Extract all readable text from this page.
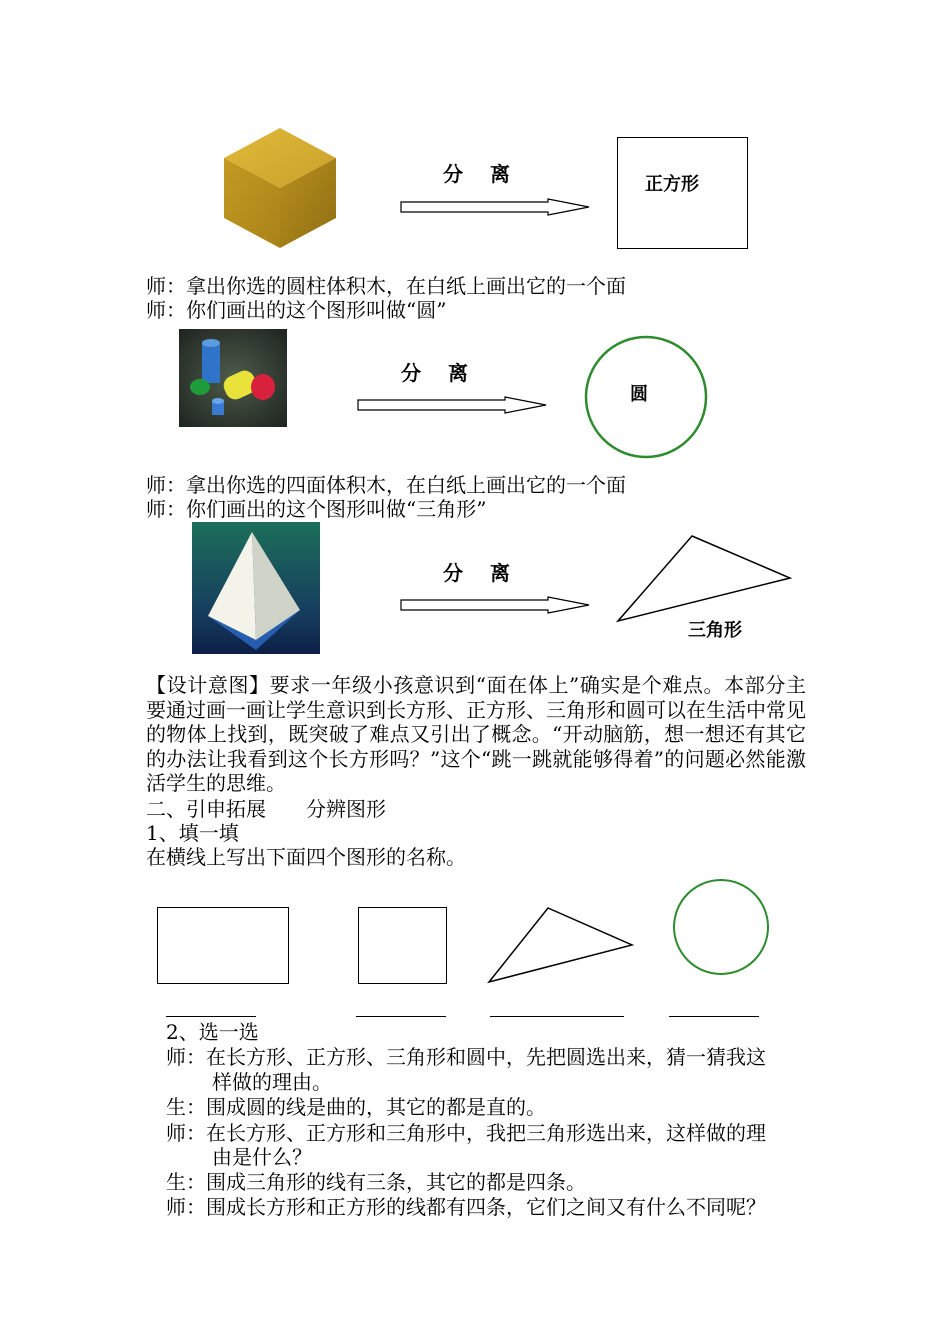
分 离	正方形
师：拿出你选的圆柱体积木，在白纸上画出它的一个面
师：你们画出的这个图形叫做“圆”
分 离
圆
师：拿出你选的四面体积木，在白纸上画出它的一个面
师：你们画出的这个图形叫做“三角形”
分 离
三角形
【设计意图】要求一年级小孩意识到“面在体上”确实是个难点。本部分主要通过画一画让学生意识到长方形、正方形、三角形和圆可以在生活中常见的物体上找到，既突破了难点又引出了概念。“开动脑筋，想一想还有其它的办法让我看到这个长方形吗？”这个“跳一跳就能够得着”的问题必然能激活学生的思维。
二、引申拓展　　分辨图形
1、填一填
在横线上写出下面四个图形的名称。
2、选一选
师：在长方形、正方形、三角形和圆中，先把圆选出来，猜一猜我这
样做的理由。
生：围成圆的线是曲的，其它的都是直的。
师：在长方形、正方形和三角形中，我把三角形选出来，这样做的理
由是什么？
生：围成三角形的线有三条，其它的都是四条。
师：围成长方形和正方形的线都有四条，它们之间又有什么不同呢？
